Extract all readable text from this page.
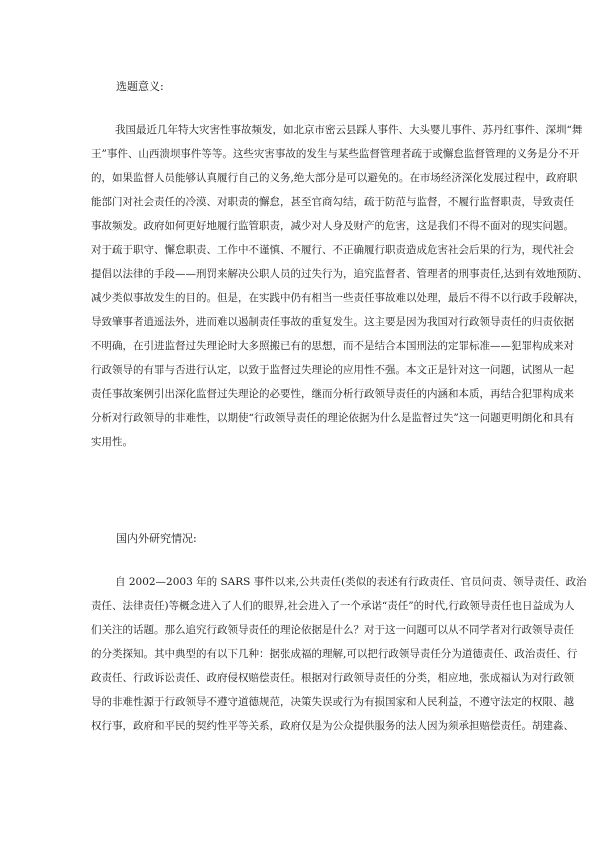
选题意义:
我国最近几年特大灾害性事故频发，如北京市密云县踩人事件、大头婴儿事件、苏丹红事件、深圳“舞
王”事件、山西溃坝事件等等。这些灾害事故的发生与某些监督管理者疏于或懈怠监督管理的义务是分不开
的，如果监督人员能够认真履行自己的义务,绝大部分是可以避免的。在市场经济深化发展过程中，政府职
能部门对社会责任的冷漠、对职责的懈怠，甚至官商勾结，疏于防范与监督，不履行监督职责，导致责任
事故频发。政府如何更好地履行监管职责，减少对人身及财产的危害，这是我们不得不面对的现实问题。
对于疏于职守、懈怠职责、工作中不谨慎、不履行、不正确履行职责造成危害社会后果的行为，现代社会
提倡以法律的手段——刑罚来解决公职人员的过失行为，追究监督者、管理者的刑事责任,达到有效地预防、
减少类似事故发生的目的。但是，在实践中仍有相当一些责任事故难以处理，最后不得不以行政手段解决，
导致肇事者逍遥法外，进而难以遏制责任事故的重复发生。这主要是因为我国对行政领导责任的归责依据
不明确，在引进监督过失理论时大多照搬已有的思想，而不是结合本国刑法的定罪标准——犯罪构成来对
行政领导的有罪与否进行认定，以致于监督过失理论的应用性不强。本文正是针对这一问题，试图从一起
责任事故案例引出深化监督过失理论的必要性，继而分析行政领导责任的内涵和本质，再结合犯罪构成来
分析对行政领导的非难性，以期使“行政领导责任的理论依据为什么是监督过失”这一问题更明朗化和具有
实用性。
国内外研究情况:
自 2002—2003 年的 SARS 事件以来,公共责任(类似的表述有行政责任、官员问责、领导责任、政治
责任、法律责任)等概念进入了人们的眼界,社会进入了一个承诺“责任”的时代,行政领导责任也日益成为人
们关注的话题。那么追究行政领导责任的理论依据是什么？对于这一问题可以从不同学者对行政领导责任
的分类探知。其中典型的有以下几种：据张成福的理解,可以把行政领导责任分为道德责任、政治责任、行
政责任、行政诉讼责任、政府侵权赔偿责任。根据对行政领导责任的分类，相应地，张成福认为对行政领
导的非难性源于行政领导不遵守道德规范，决策失误或行为有损国家和人民利益，不遵守法定的权限、越
权行事，政府和平民的契约性平等关系，政府仅是为公众提供服务的法人因为须承担赔偿责任。胡建淼、
